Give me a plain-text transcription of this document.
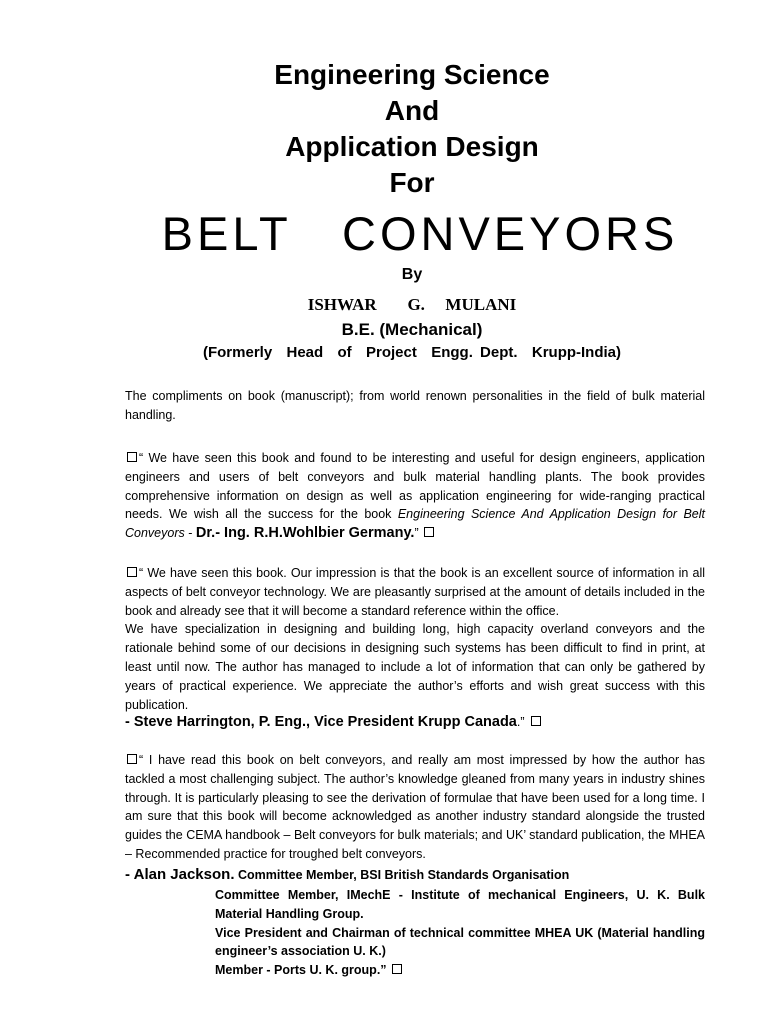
Engineering Science
And
Application Design
For
BELT   CONVEYORS
By
ISHWAR   G.  MULANI
B.E. (Mechanical)
(Formerly  Head  of  Project  Engg. Dept.  Krupp-India)
The compliments on book (manuscript); from world renown personalities in the field of bulk material handling.
“ We have seen this book and found to be interesting and useful for design engineers, application engineers and users of belt conveyors and bulk material handling plants. The book provides comprehensive information on design as well as application engineering for wide-ranging practical needs. We wish all the success for the book Engineering Science And Application Design for Belt Conveyors - Dr.- Ing. R.H.Wohlbier Germany.”
“ We have seen this book. Our impression is that the book is an excellent source of information in all aspects of belt conveyor technology. We are pleasantly surprised at the amount of details included in the book and already see that it will become a standard reference within the office.
We have specialization in designing and building long, high capacity overland conveyors and the rationale behind some of our decisions in designing such systems has been difficult to find in print, at least until now. The author has managed to include a lot of information that can only be gathered by years of practical experience. We appreciate the author’s efforts and wish great success with this publication.
- Steve Harrington, P. Eng., Vice President Krupp Canada.”
“ I have read this book on belt conveyors, and really am most impressed by how the author has tackled a most challenging subject. The author’s knowledge gleaned from many years in industry shines through. It is particularly pleasing to see the derivation of formulae that have been used for a long time. I am sure that this book will become acknowledged as another industry standard alongside the trusted guides the CEMA handbook – Belt conveyors for bulk materials; and UK’ standard publication, the MHEA – Recommended practice for troughed belt conveyors.
- Alan Jackson. Committee Member, BSI British Standards Organisation
Committee Member, IMechE - Institute of mechanical Engineers, U. K. Bulk Material Handling Group.
Vice President and Chairman of technical committee MHEA UK (Material handling engineer’s association U. K.)
Member - Ports U. K. group.”
